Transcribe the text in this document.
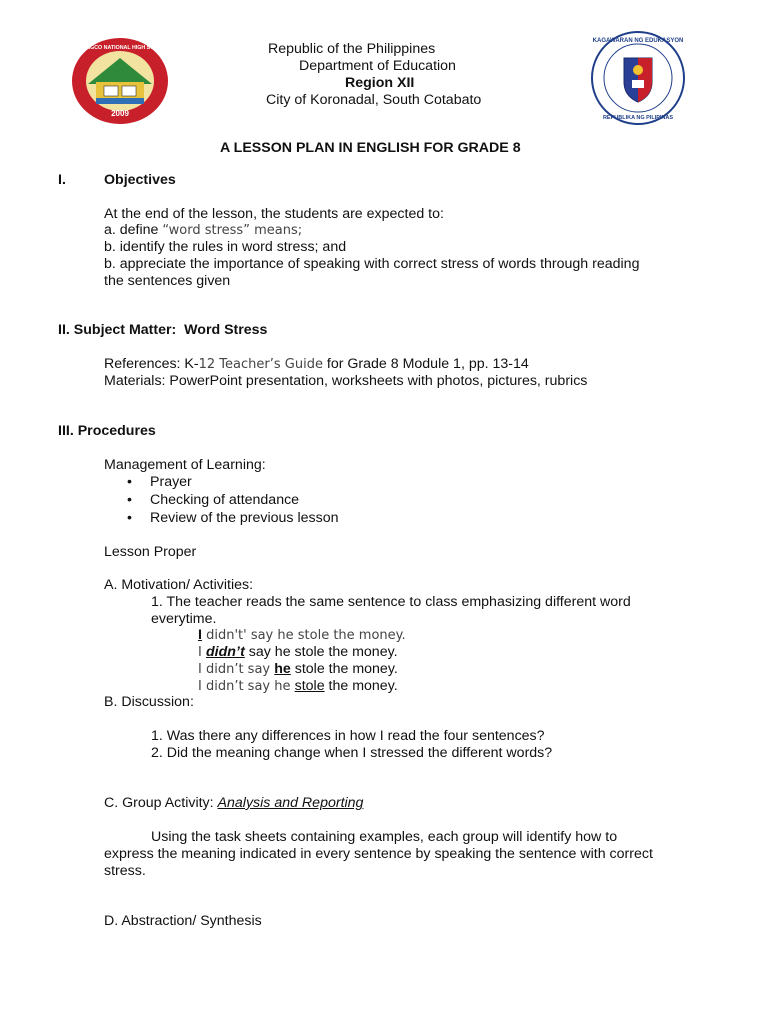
2009
BACONGCO NATIONAL HIGH SCHOOL
KAGAWARAN NG EDUKASYON
REPUBLIKA NG PILIPINAS
Republic of the Philippines
Department of Education
Region XII
City of Koronadal, South Cotabato
A LESSON PLAN IN ENGLISH FOR GRADE 8
I.	Objectives
At the end of the lesson, the students are expected to:
a. define “word stress” means;
b. identify the rules in word stress; and
b. appreciate the importance of speaking with correct stress of words through reading
the sentences given
II. Subject Matter: Word Stress
References: K-12 Teacher’s Guide for Grade 8 Module 1, pp. 13-14
Materials: PowerPoint presentation, worksheets with photos, pictures, rubrics
III. Procedures
Management of Learning:
• Prayer
• Checking of attendance
• Review of the previous lesson
Lesson Proper
A. Motivation/ Activities:
1. The teacher reads the same sentence to class emphasizing different word
everytime.
I didn't' say he stole the money.
I didn’t say he stole the money.
I didn’t say he stole the money.
I didn’t say he stole the money.
B. Discussion:
1. Was there any differences in how I read the four sentences?
2. Did the meaning change when I stressed the different words?
C. Group Activity: Analysis and Reporting
Using the task sheets containing examples, each group will identify how to
express the meaning indicated in every sentence by speaking the sentence with correct
stress.
D. Abstraction/ Synthesis
